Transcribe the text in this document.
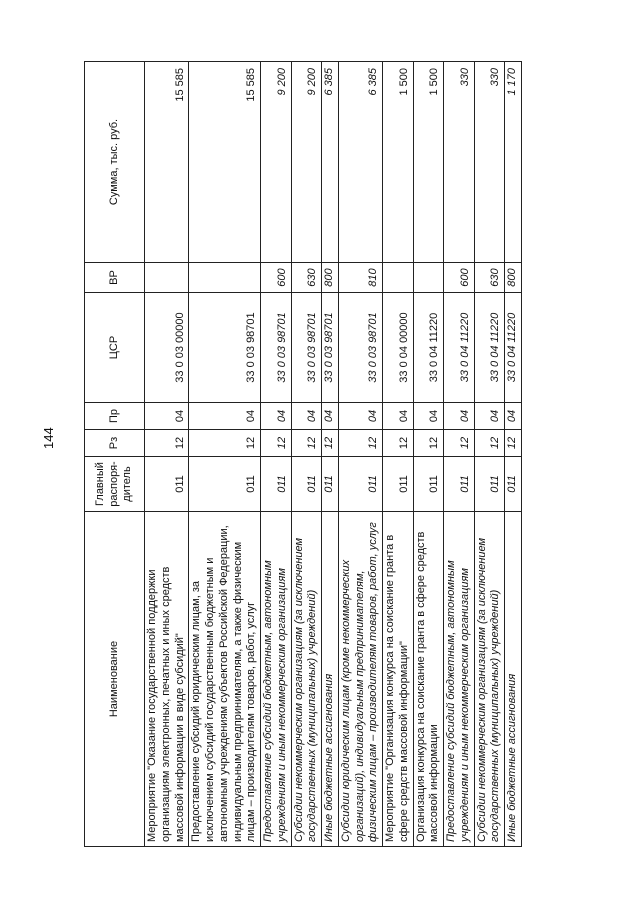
144
Наименование	Главный распоря-дитель	Рз	Пр	ЦСР	ВР	Сумма, тыс. руб.
Мероприятие "Оказание государственной поддержки организациям электронных, печатных и иных средств массовой информации в виде субсидий"	011	12	04	33 0 03 00000		15 585
Предоставление субсидий юридическим лицам, за исключением субсидий государственным бюджетным и автономным учреждениям субъектов Российской Федерации, индивидуальным предпринимателям, а также физическим лицам – производителям товаров, работ, услуг	011	12	04	33 0 03 98701		15 585
Предоставление субсидий бюджетным, автономным учреждениям и иным некоммерческим организациям	011	12	04	33 0 03 98701	600	9 200
Субсидии некоммерческим организациям (за исключением государственных (муниципальных) учреждений)	011	12	04	33 0 03 98701	630	9 200
Иные бюджетные ассигнования	011	12	04	33 0 03 98701	800	6 385
Субсидии юридическим лицам (кроме некоммерческих организаций), индивидуальным предпринимателям, физическим лицам – производителям товаров, работ, услуг	011	12	04	33 0 03 98701	810	6 385
Мероприятие "Организация конкурса на соискание гранта в сфере средств массовой информации"	011	12	04	33 0 04 00000		1 500
Организация конкурса на соискание гранта в сфере средств массовой информации	011	12	04	33 0 04 11220		1 500
Предоставление субсидий бюджетным, автономным учреждениям и иным некоммерческим организациям	011	12	04	33 0 04 11220	600	330
Субсидии некоммерческим организациям (за исключением государственных (муниципальных) учреждений)	011	12	04	33 0 04 11220	630	330
Иные бюджетные ассигнования	011	12	04	33 0 04 11220	800	1 170
